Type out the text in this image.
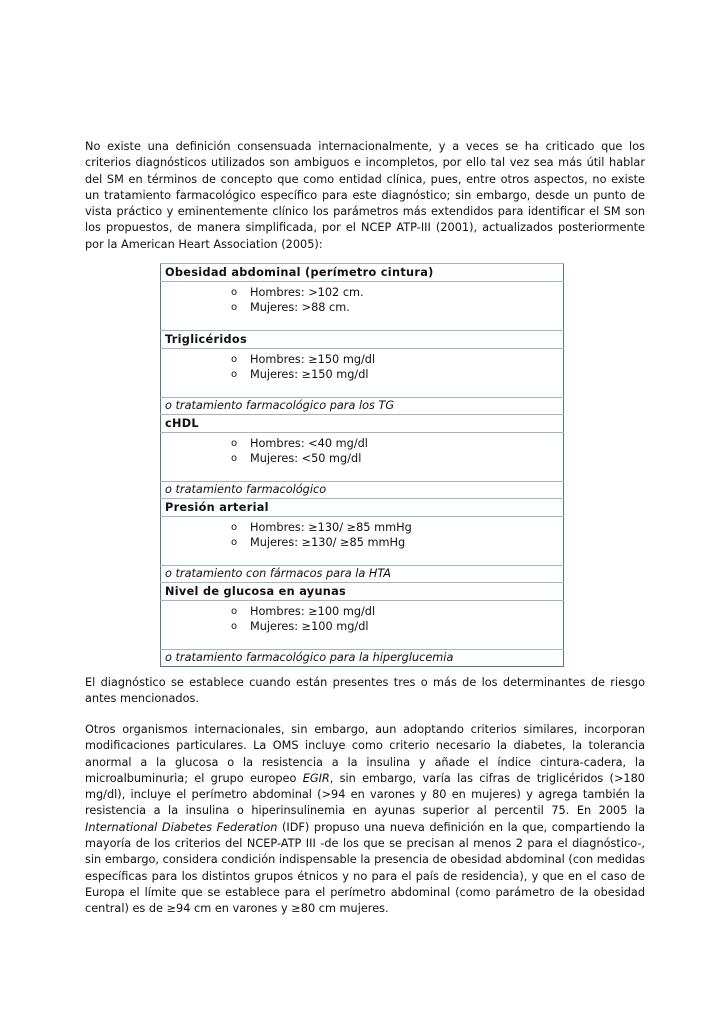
No existe una definición consensuada internacionalmente, y a veces se ha criticado que los criterios diagnósticos utilizados son ambiguos e incompletos, por ello tal vez sea más útil hablar del SM en términos de concepto que como entidad clínica, pues, entre otros aspectos, no existe un tratamiento farmacológico específico para este diagnóstico; sin embargo, desde un punto de vista práctico y eminentemente clínico los parámetros más extendidos para identificar el SM son los propuestos, de manera simplificada, por el NCEP ATP-III (2001), actualizados posteriormente por la American Heart Association (2005):

Obesidad abdominal (perímetro cintura)

o Hombres: >102 cm.
o Mujeres: >88 cm.

Triglicéridos

o Hombres: ≥150 mg/dl
o Mujeres: ≥150 mg/dl

o tratamiento farmacológico para los TG
cHDL

o Hombres: <40 mg/dl
o Mujeres: <50 mg/dl

o tratamiento farmacológico
Presión arterial

o Hombres: ≥130/ ≥85 mmHg
o Mujeres: ≥130/ ≥85 mmHg

o tratamiento con fármacos para la HTA
Nivel de glucosa en ayunas

o Hombres: ≥100 mg/dl
o Mujeres: ≥100 mg/dl

o tratamiento farmacológico para la hiperglucemia

El diagnóstico se establece cuando están presentes tres o más de los determinantes de riesgo antes mencionados.

Otros organismos internacionales, sin embargo, aun adoptando criterios similares, incorporan modificaciones particulares. La OMS incluye como criterio necesario la diabetes, la tolerancia anormal a la glucosa o la resistencia a la insulina y añade el índice cintura-cadera, la microalbuminuria; el grupo europeo EGIR, sin embargo, varía las cifras de triglicéridos (>180 mg/dl), incluye el perímetro abdominal (>94 en varones y 80 en mujeres) y agrega también la resistencia a la insulina o hiperinsulinemia en ayunas superior al percentil 75. En 2005 la International Diabetes Federation (IDF) propuso una nueva definición en la que, compartiendo la mayoría de los criterios del NCEP-ATP III -de los que se precisan al menos 2 para el diagnóstico-, sin embargo, considera condición indispensable la presencia de obesidad abdominal (con medidas específicas para los distintos grupos étnicos y no para el país de residencia), y que en el caso de Europa el límite que se establece para el perímetro abdominal (como parámetro de la obesidad central) es de ≥94 cm en varones y ≥80 cm mujeres.
